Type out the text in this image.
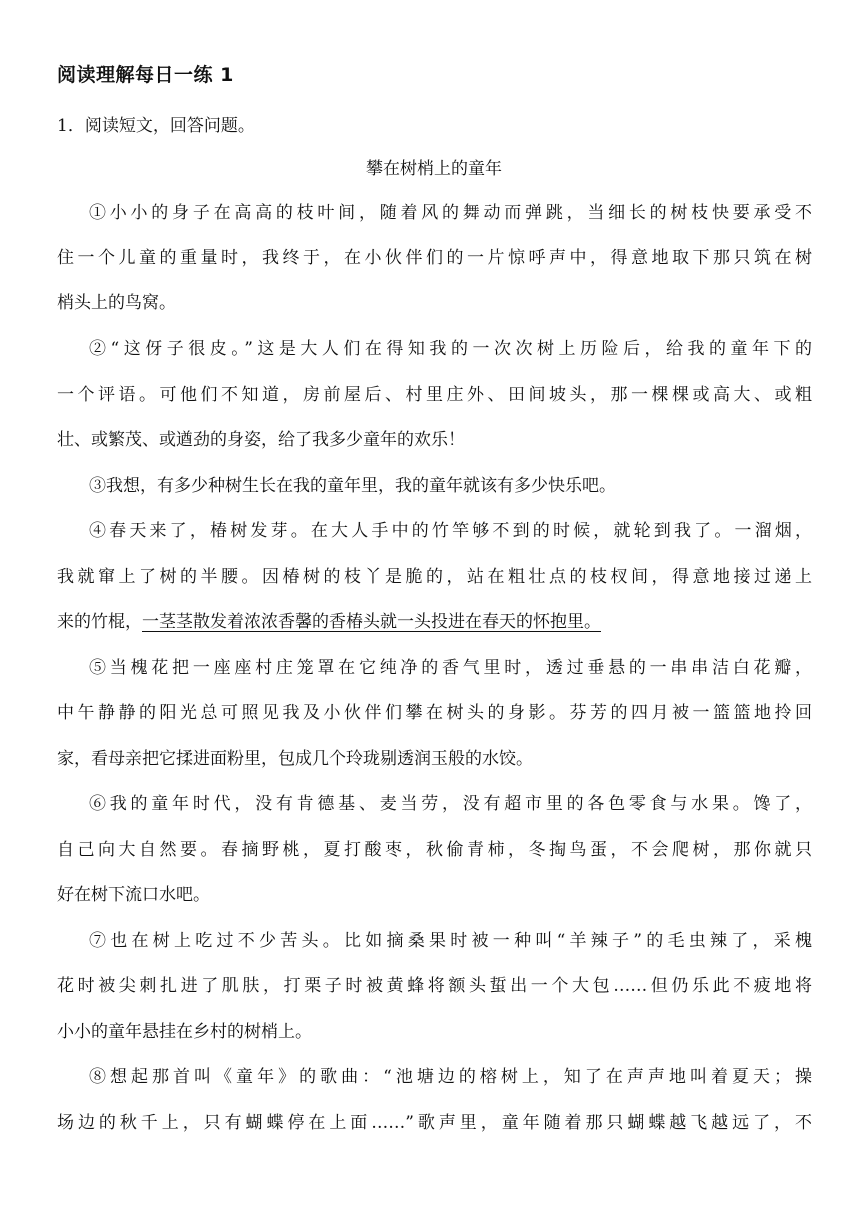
阅读理解每日一练 1
1．阅读短文，回答问题。
攀在树梢上的童年
①小小的身子在高高的枝叶间，随着风的舞动而弹跳，当细长的树枝快要承受不
住一个儿童的重量时，我终于，在小伙伴们的一片惊呼声中，得意地取下那只筑在树
梢头上的鸟窝。
②“这伢子很皮。”这是大人们在得知我的一次次树上历险后，给我的童年下的
一个评语。可他们不知道，房前屋后、村里庄外、田间坡头，那一棵棵或高大、或粗
壮、或繁茂、或遒劲的身姿，给了我多少童年的欢乐！
③我想，有多少种树生长在我的童年里，我的童年就该有多少快乐吧。
④春天来了，椿树发芽。在大人手中的竹竿够不到的时候，就轮到我了。一溜烟，
我就窜上了树的半腰。因椿树的枝丫是脆的，站在粗壮点的枝杈间，得意地接过递上
来的竹棍，一茎茎散发着浓浓香馨的香椿头就一头投进在春天的怀抱里。
⑤当槐花把一座座村庄笼罩在它纯净的香气里时，透过垂悬的一串串洁白花瓣，
中午静静的阳光总可照见我及小伙伴们攀在树头的身影。芬芳的四月被一篮篮地拎回
家，看母亲把它揉进面粉里，包成几个玲珑剔透润玉般的水饺。
⑥我的童年时代，没有肯德基、麦当劳，没有超市里的各色零食与水果。馋了，
自己向大自然要。春摘野桃，夏打酸枣，秋偷青柿，冬掏鸟蛋，不会爬树，那你就只
好在树下流口水吧。
⑦也在树上吃过不少苦头。比如摘桑果时被一种叫“羊辣子”的毛虫辣了，采槐
花时被尖刺扎进了肌肤，打栗子时被黄蜂将额头蜇出一个大包……但仍乐此不疲地将
小小的童年悬挂在乡村的树梢上。
⑧想起那首叫《童年》的歌曲：“池塘边的榕树上，知了在声声地叫着夏天；操
场边的秋千上，只有蝴蝶停在上面……”歌声里，童年随着那只蝴蝶越飞越远了，不
